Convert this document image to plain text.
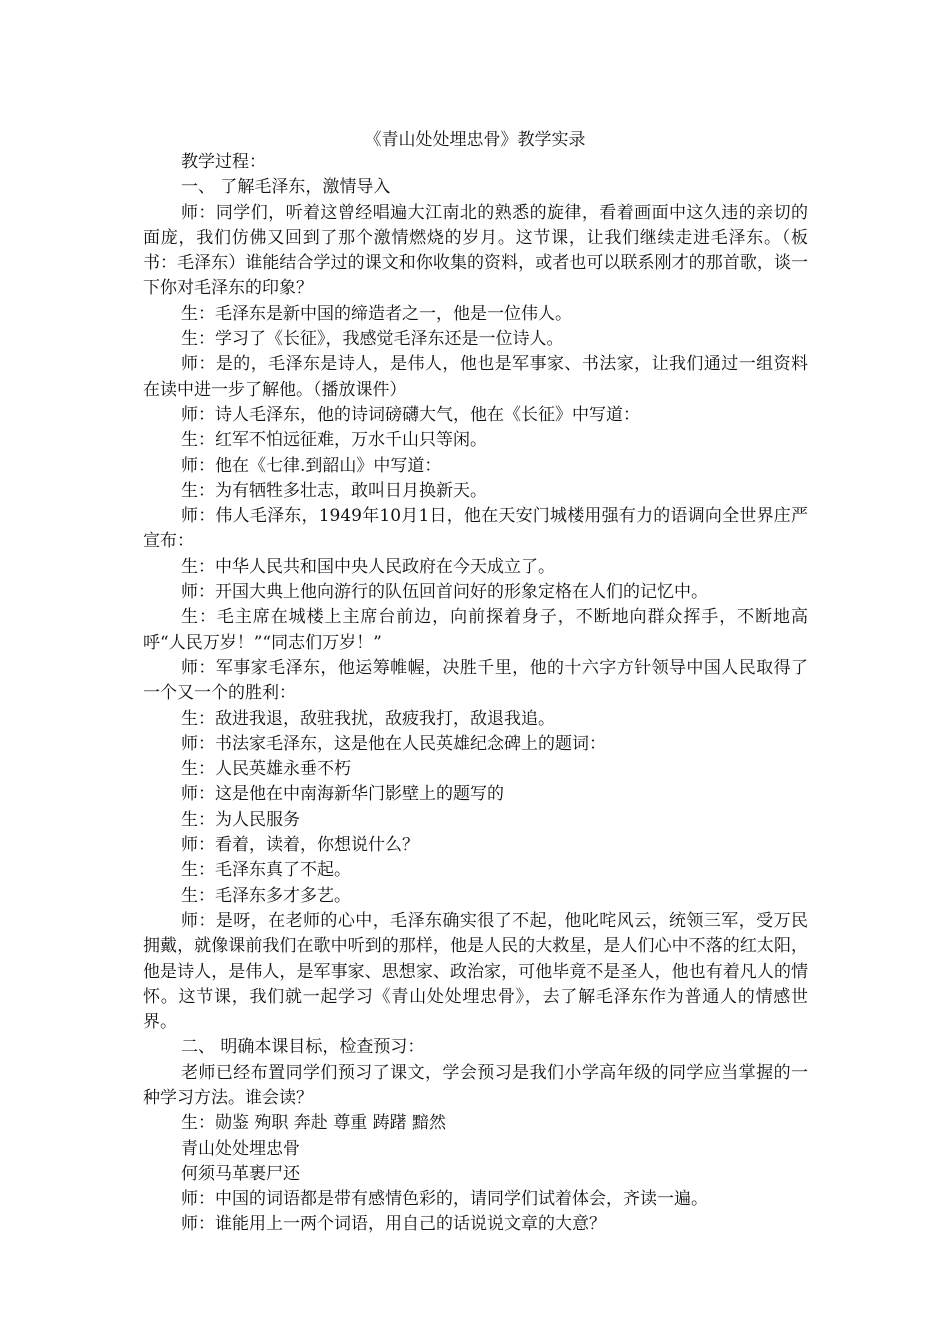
《青山处处埋忠骨》教学实录

教学过程：

一、 了解毛泽东，激情导入

师：同学们，听着这曾经唱遍大江南北的熟悉的旋律，看着画面中这久违的亲切的面庞，我们仿佛又回到了那个激情燃烧的岁月。这节课，让我们继续走进毛泽东。（板书：毛泽东）谁能结合学过的课文和你收集的资料，或者也可以联系刚才的那首歌，谈一下你对毛泽东的印象？

生：毛泽东是新中国的缔造者之一，他是一位伟人。

生：学习了《长征》，我感觉毛泽东还是一位诗人。

师：是的，毛泽东是诗人，是伟人，他也是军事家、书法家，让我们通过一组资料在读中进一步了解他。（播放课件）

师：诗人毛泽东，他的诗词磅礴大气，他在《长征》中写道：

生：红军不怕远征难，万水千山只等闲。

师：他在《七律.到韶山》中写道：

生：为有牺牲多壮志，敢叫日月换新天。

师：伟人毛泽东，1949年10月1日，他在天安门城楼用强有力的语调向全世界庄严宣布：

生：中华人民共和国中央人民政府在今天成立了。

师：开国大典上他向游行的队伍回首问好的形象定格在人们的记忆中。

生：毛主席在城楼上主席台前边，向前探着身子，不断地向群众挥手，不断地高呼“人民万岁！”“同志们万岁！”

师：军事家毛泽东，他运筹帷幄，决胜千里，他的十六字方针领导中国人民取得了一个又一个的胜利：

生：敌进我退，敌驻我扰，敌疲我打，敌退我追。

师：书法家毛泽东，这是他在人民英雄纪念碑上的题词：

生：人民英雄永垂不朽

师：这是他在中南海新华门影壁上的题写的

生：为人民服务

师：看着，读着，你想说什么？

生：毛泽东真了不起。

生：毛泽东多才多艺。

师：是呀，在老师的心中，毛泽东确实很了不起，他叱咤风云，统领三军，受万民拥戴，就像课前我们在歌中听到的那样，他是人民的大救星，是人们心中不落的红太阳，他是诗人，是伟人，是军事家、思想家、政治家，可他毕竟不是圣人，他也有着凡人的情怀。这节课，我们就一起学习《青山处处埋忠骨》，去了解毛泽东作为普通人的情感世界。

二、 明确本课目标，检查预习：

老师已经布置同学们预习了课文，学会预习是我们小学高年级的同学应当掌握的一种学习方法。谁会读？

生：勋鉴 殉职 奔赴 尊重 踌躇 黯然

青山处处埋忠骨

何须马革裹尸还

师：中国的词语都是带有感情色彩的，请同学们试着体会，齐读一遍。

师：谁能用上一两个词语，用自己的话说说文章的大意？
